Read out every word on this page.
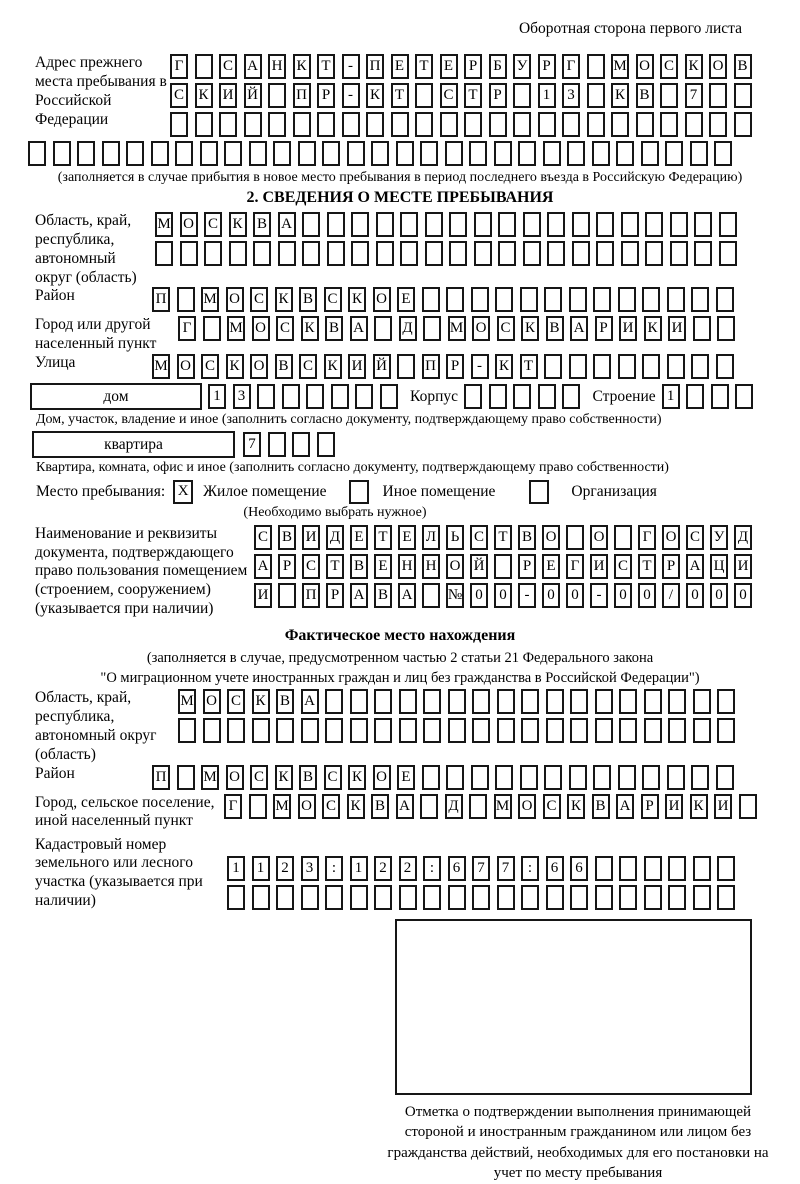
Оборотная сторона первого листа
Адрес прежнего места пребывания в Российской Федерации
Г	С А Н К Т	-	П Е Т Е	Р	Б У	Р	Г	М О С К О В
С К И Й	П Р	-	К Т	С Т	Р	1	3	К В	7
(заполняется в случае прибытия в новое место пребывания в период последнего въезда в Российскую Федерацию)
2. СВЕДЕНИЯ О МЕСТЕ ПРЕБЫВАНИЯ
Область, край, республика, автономный округ (область)
М О С К В А
Район	П М О С К В С К О Е
Город или другой населенный пункт
Г	М О С К В А	Д М О С К В А Р И К И
Улица	М О С К О В С К И Й	П Р	-	К Т
дом	1	3	Корпус	Строение 1
Дом, участок, владение и иное (заполнить согласно документу, подтверждающему право собственности)
квартира	7
Квартира, комната, офис и иное (заполнить согласно документу, подтверждающему право собственности)
Место пребывания: X Жилое помещение	Иное помещение	Организация
(Необходимо выбрать нужное)
Наименование и реквизиты документа, подтверждающего право пользования помещением (строением, сооружением) (указывается при наличии)
С В И Д Е Т Е Л Ь С Т В О О	Г О С У Д
А Р С Т В Е Н Н О Й	Р	Е	Г И С Т	Р А Ц И
И П Р А В А № 0	0	-	0	0	-	0	0	/	0	0	0
Фактическое место нахождения
(заполняется в случае, предусмотренном частью 2 статьи 21 Федерального закона
"О миграционном учете иностранных граждан и лиц без гражданства в Российской Федерации")
Область, край, республика, автономный округ (область)
М О С К В А
Район	П М О С К В С К О Е
Город, сельское поселение, иной населенный пункт
Г	М О С К В А	Д М О С К В А Р И К И
Кадастровый номер земельного или лесного участка (указывается при наличии)
1	1	2	3	:	1	2	2	:	6	7	7	:	6	6
Отметка о подтверждении выполнения принимающей стороной и иностранным гражданином или лицом без гражданства действий, необходимых для его постановки на учет по месту пребывания
